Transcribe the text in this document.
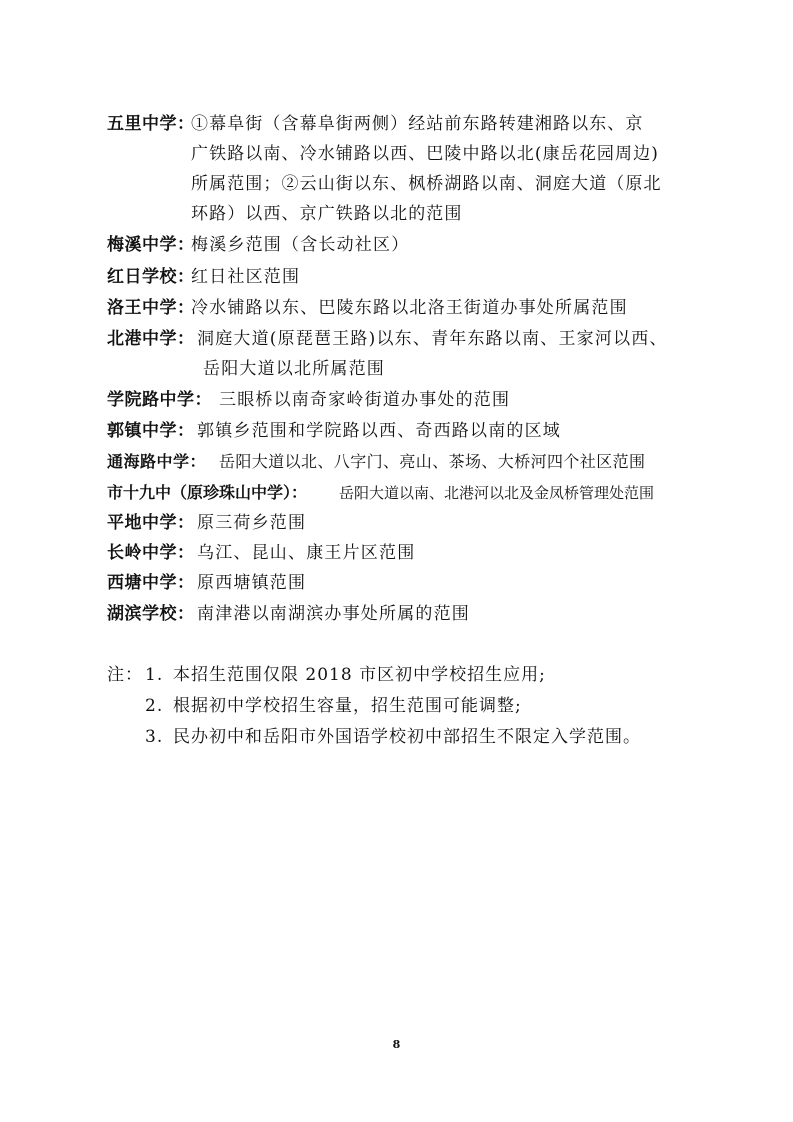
五里中学：
①幕阜街（含幕阜街两侧）经站前东路转建湘路以东、京
广铁路以南、冷水铺路以西、巴陵中路以北(康岳花园周边)
所属范围；②云山街以东、枫桥湖路以南、洞庭大道（原北
环路）以西、京广铁路以北的范围
梅溪中学：
梅溪乡范围（含长动社区）
红日学校：
红日社区范围
洛王中学：
冷水铺路以东、巴陵东路以北洛王街道办事处所属范围
北港中学： 洞庭大道(原琵琶王路)以东、青年东路以南、王家河以西、
岳阳大道以北所属范围
学院路中学： 三眼桥以南奇家岭街道办事处的范围
郭镇中学： 郭镇乡范围和学院路以西、奇西路以南的区域
通海路中学： 岳阳大道以北、八字门、亮山、茶场、大桥河四个社区范围
市十九中（原珍珠山中学）： 岳阳大道以南、北港河以北及金凤桥管理处范围
平地中学： 原三荷乡范围
长岭中学： 乌江、昆山、康王片区范围
西塘中学： 原西塘镇范围
湖滨学校： 南津港以南湖滨办事处所属的范围
注： 1. 本招生范围仅限 2018 市区初中学校招生应用;
2. 根据初中学校招生容量，招生范围可能调整;
3. 民办初中和岳阳市外国语学校初中部招生不限定入学范围。
8
